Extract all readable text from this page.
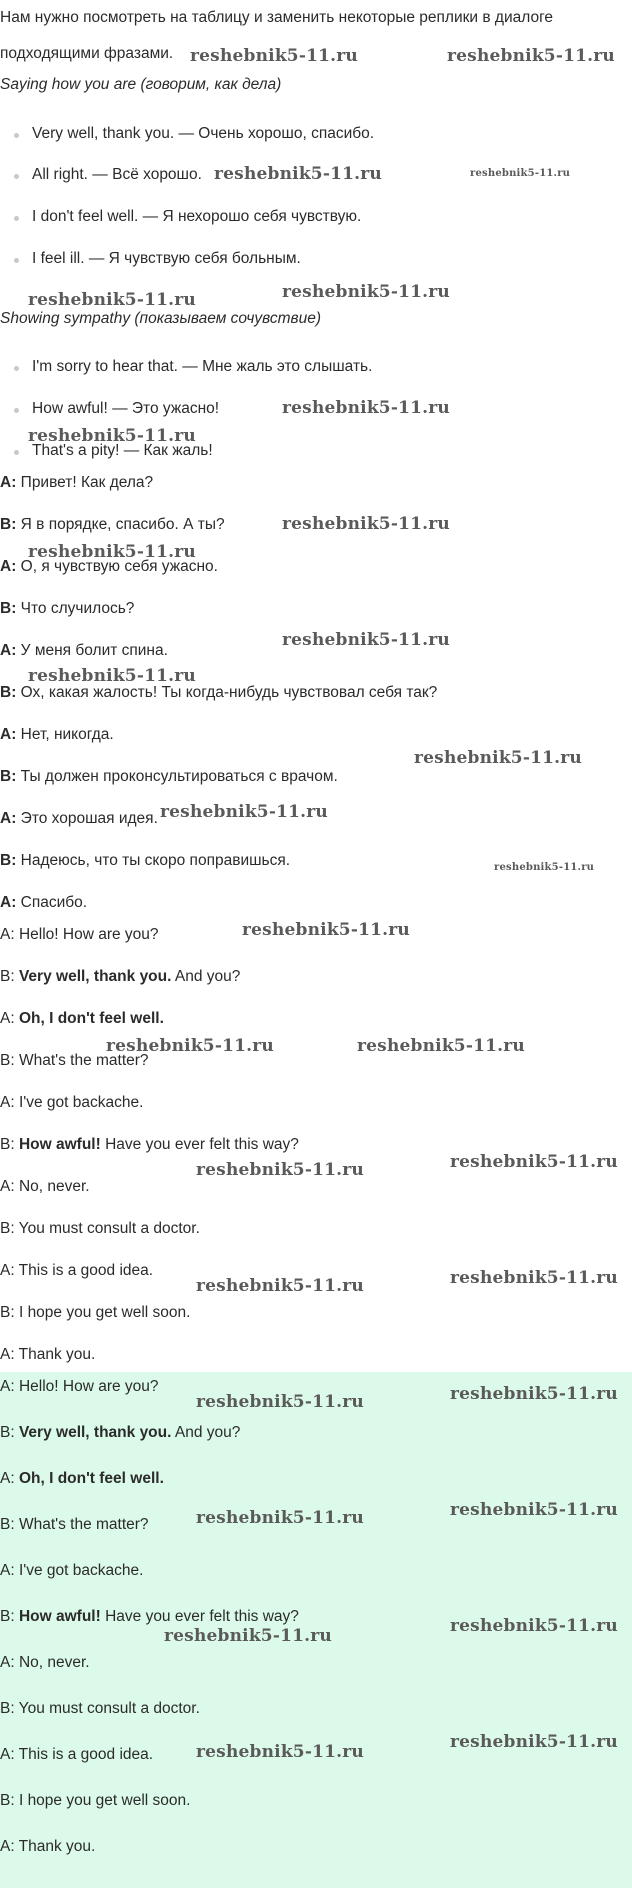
Нам нужно посмотреть на таблицу и заменить некоторые реплики в диалоге
подходящими фразами.
Saying how you are (говорим, как дела)
Very well, thank you. — Очень хорошо, спасибо.
All right. — Всё хорошо.
I don't feel well. — Я нехорошо себя чувствую.
I feel ill. — Я чувствую себя больным.
Showing sympathy (показываем сочувствие)
I'm sorry to hear that. — Мне жаль это слышать.
How awful! — Это ужасно!
That's a pity! — Как жаль!
A: Привет! Как дела?
B: Я в порядке, спасибо. А ты?
A: О, я чувствую себя ужасно.
B: Что случилось?
A: У меня болит спина.
B: Ох, какая жалость! Ты когда-нибудь чувствовал себя так?
A: Нет, никогда.
B: Ты должен проконсультироваться с врачом.
A: Это хорошая идея.
B: Надеюсь, что ты скоро поправишься.
A: Спасибо.
A: Hello! How are you?
B: Very well, thank you. And you?
A: Oh, I don't feel well.
B: What's the matter?
A: I've got backache.
B: How awful! Have you ever felt this way?
A: No, never.
B: You must consult a doctor.
A: This is a good idea.
B: I hope you get well soon.
A: Thank you.
A: Hello! How are you?
B: Very well, thank you. And you?
A: Oh, I don't feel well.
B: What's the matter?
A: I've got backache.
B: How awful! Have you ever felt this way?
A: No, never.
B: You must consult a doctor.
A: This is a good idea.
B: I hope you get well soon.
A: Thank you.
reshebnik5-11.ru	reshebnik5-11.ru
reshebnik5-11.ru	reshebnik5-11.ru
reshebnik5-11.ru	reshebnik5-11.ru
reshebnik5-11.ru
reshebnik5-11.ru
reshebnik5-11.ru
reshebnik5-11.ru
reshebnik5-11.ru
reshebnik5-11.ru
reshebnik5-11.ru
reshebnik5-11.ru
reshebnik5-11.ru
reshebnik5-11.ru
reshebnik5-11.ru	reshebnik5-11.ru
reshebnik5-11.ru
reshebnik5-11.ru
reshebnik5-11.ru
reshebnik5-11.ru
reshebnik5-11.ru
reshebnik5-11.ru
reshebnik5-11.ru
reshebnik5-11.ru
reshebnik5-11.ru
reshebnik5-11.ru
reshebnik5-11.ru
reshebnik5-11.ru
